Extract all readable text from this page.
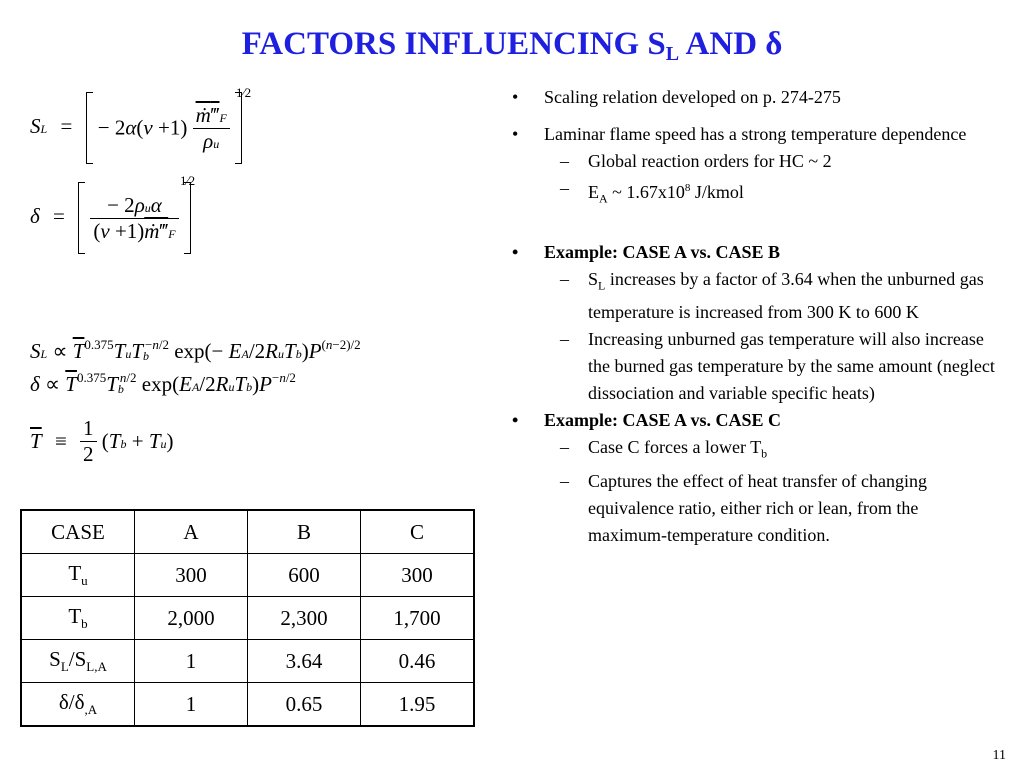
FACTORS INFLUENCING $S_L$ AND δ
SL = − $2\alpha(\nu +1) \frac{\text{ṁ‴F}}{\rho u}$

1⁄2
$\delta = \frac{\text{− 2ρuα}}{\text{(ν +1)ṁ‴F}}$

1⁄2
SL ∝ $\overline{T}^{0.375}TuTb^{-n/2}$ $\exp(- EA/2RuTb)P^{(n-2)/2}$
$\delta \propto \overline{T}^{0.375}Tb^{n/2}$ $\exp(EA/2RuTb)P^{-n/2}$
$\overline{T} \equiv \frac{1}{2} (Tb + Tu)$
CASE	A	B	C
$T_u$	300	600	300
$T_b$	2,000	2,300	1,700
$S_L/S_{L,A}$	1	3.64	0.46
$\delta/\delta_{,A}$	1	0.65	1.95
• Scaling relation developed on p. 274-275
• Laminar flame speed has a strong temperature dependence
– Global reaction orders for HC ~ 2
– $E_A$ ~ $1.67x10^8$ J/kmol
• Example: CASE A vs. CASE B
– $S_L$ increases by a factor of 3.64 when the unburned gas temperature is increased from 300 K to 600 K
– Increasing unburned gas temperature will also increase the burned gas temperature by the same amount (neglect dissociation and variable specific heats)
• Example: CASE A vs. CASE C
– Case C forces a lower $T_b$
– Captures the effect of heat transfer of changing equivalence ratio, either rich or lean, from the maximum-temperature condition.
11
